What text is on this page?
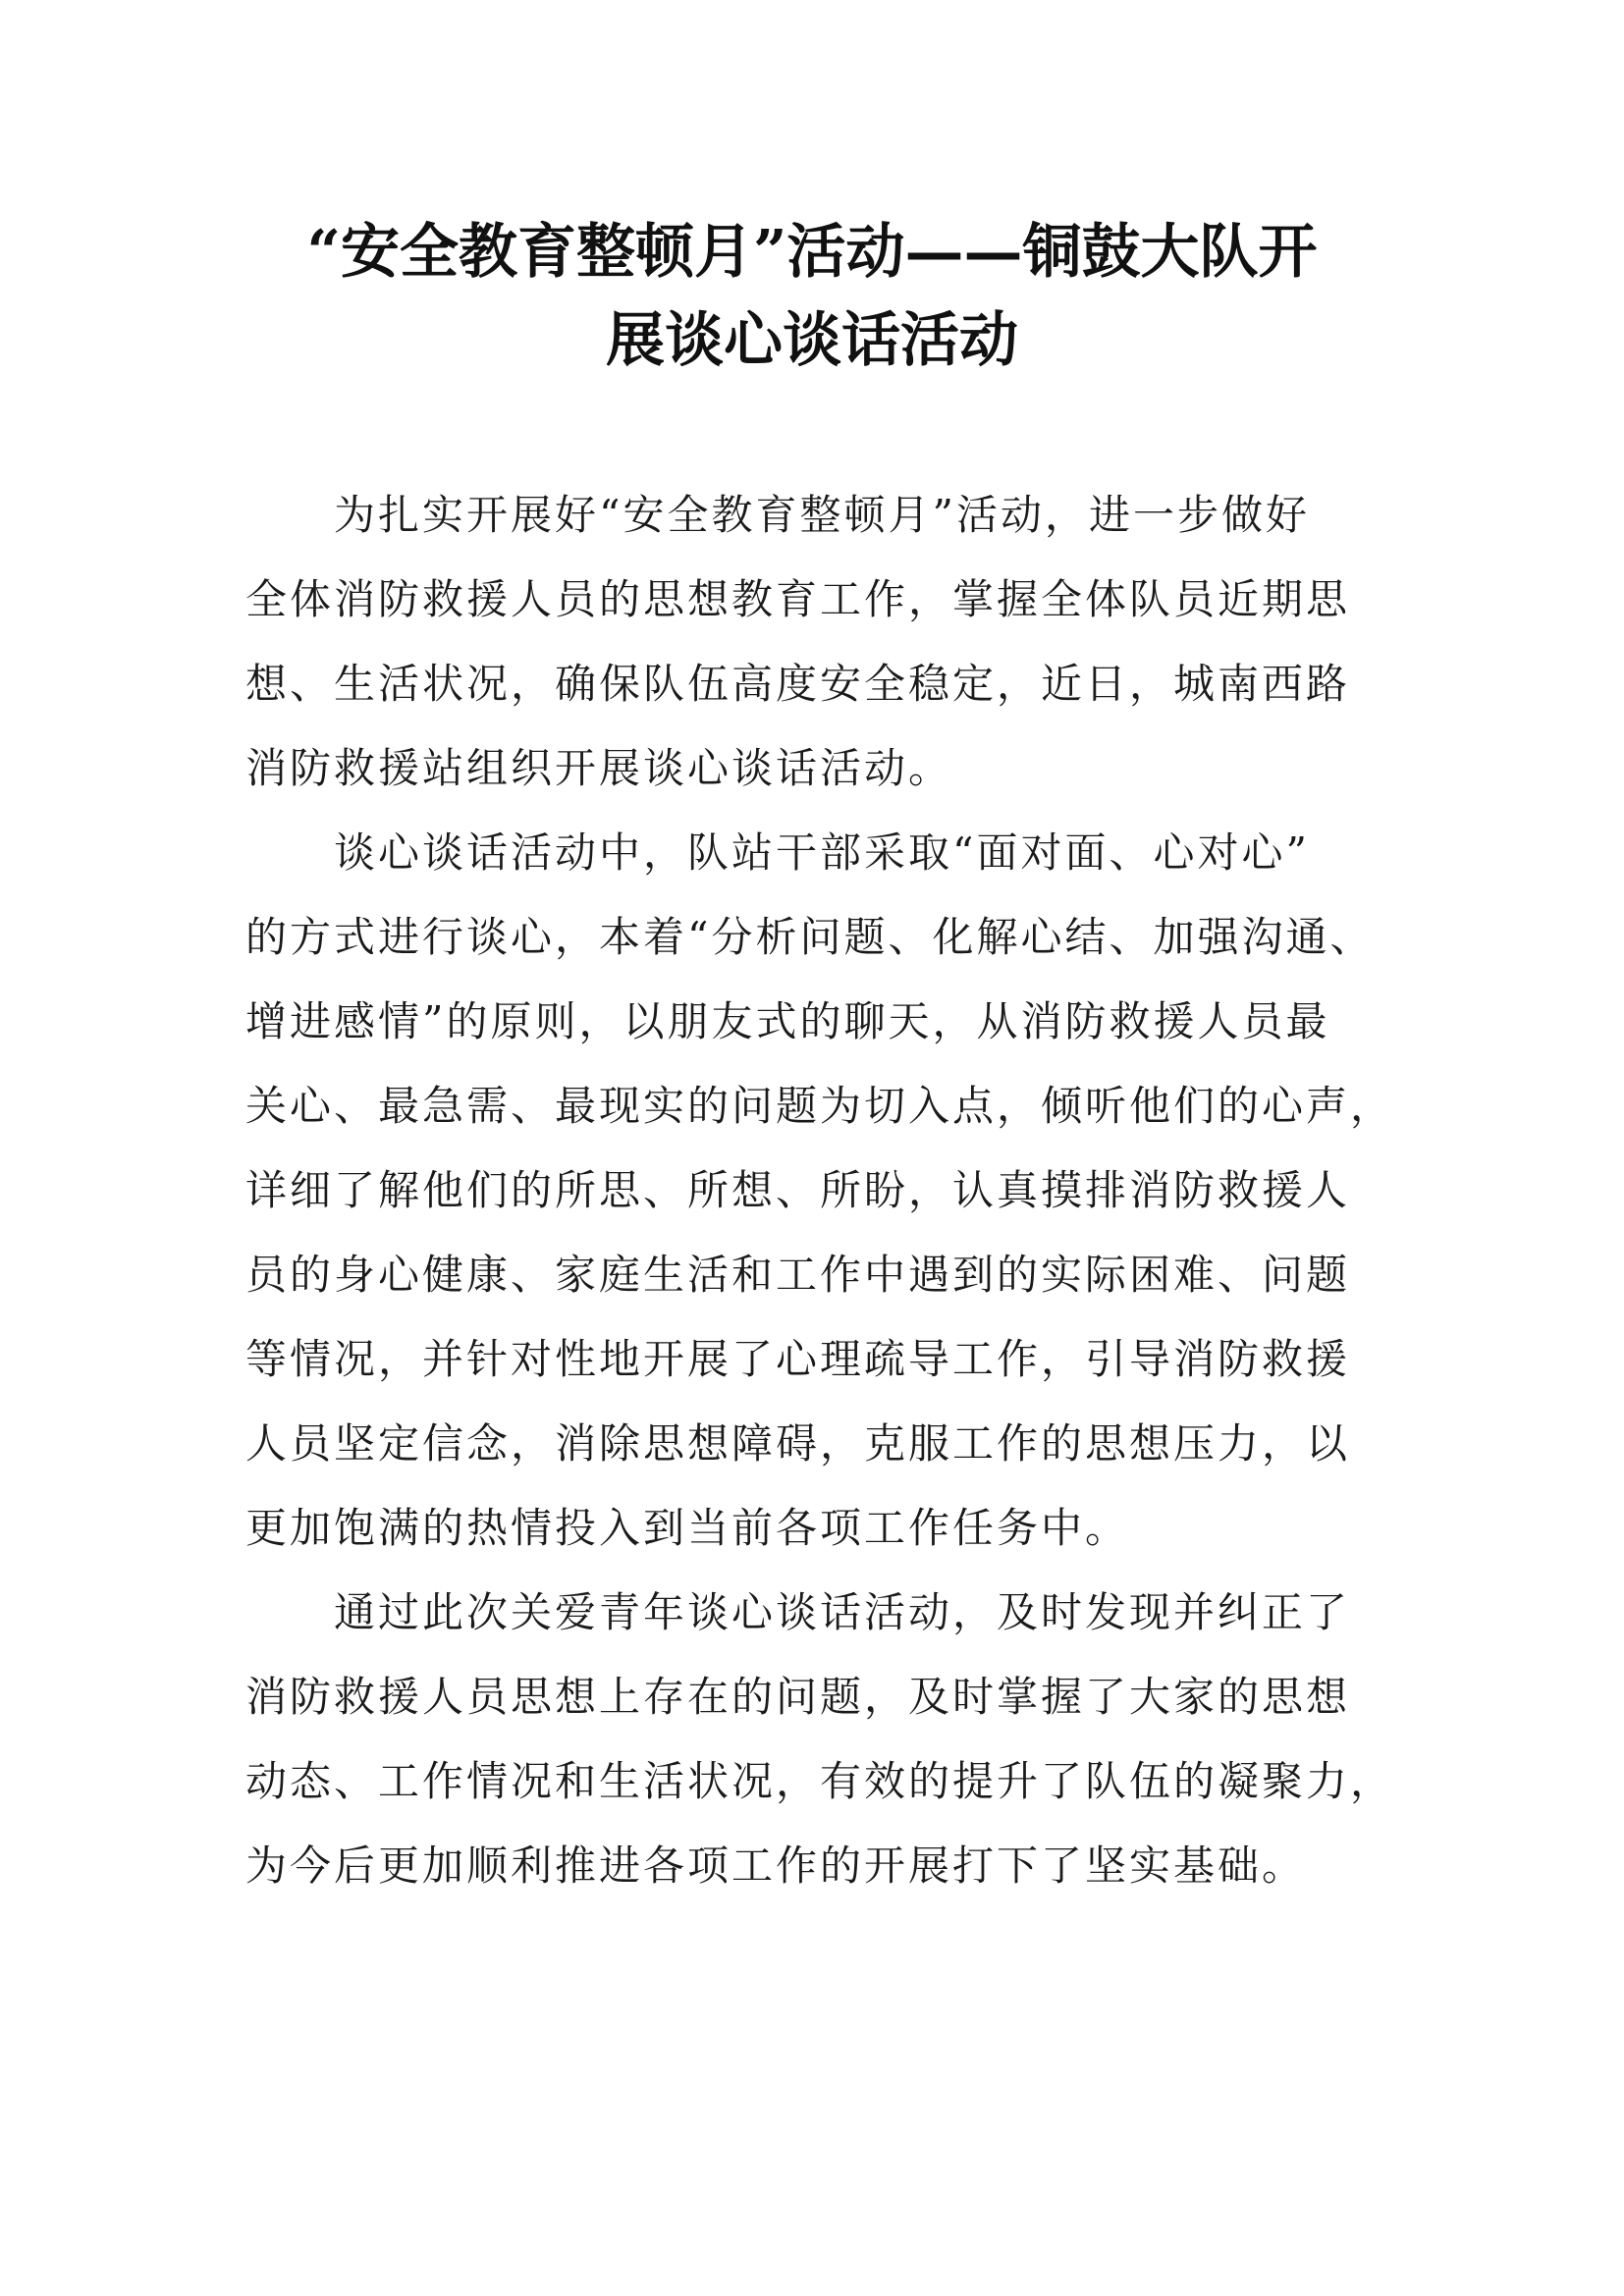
“安全教育整顿月”活动——铜鼓大队开
展谈心谈话活动
为扎实开展好“安全教育整顿月”活动，进一步做好
全体消防救援人员的思想教育工作，掌握全体队员近期思
想、生活状况，确保队伍高度安全稳定，近日，城南西路
消防救援站组织开展谈心谈话活动。
谈心谈话活动中，队站干部采取“面对面、心对心”
的方式进行谈心，本着“分析问题、化解心结、加强沟通、
增进感情”的原则，以朋友式的聊天，从消防救援人员最
关心、最急需、最现实的问题为切入点，倾听他们的心声，
详细了解他们的所思、所想、所盼，认真摸排消防救援人
员的身心健康、家庭生活和工作中遇到的实际困难、问题
等情况，并针对性地开展了心理疏导工作，引导消防救援
人员坚定信念，消除思想障碍，克服工作的思想压力，以
更加饱满的热情投入到当前各项工作任务中。
通过此次关爱青年谈心谈话活动，及时发现并纠正了
消防救援人员思想上存在的问题，及时掌握了大家的思想
动态、工作情况和生活状况，有效的提升了队伍的凝聚力，
为今后更加顺利推进各项工作的开展打下了坚实基础。
